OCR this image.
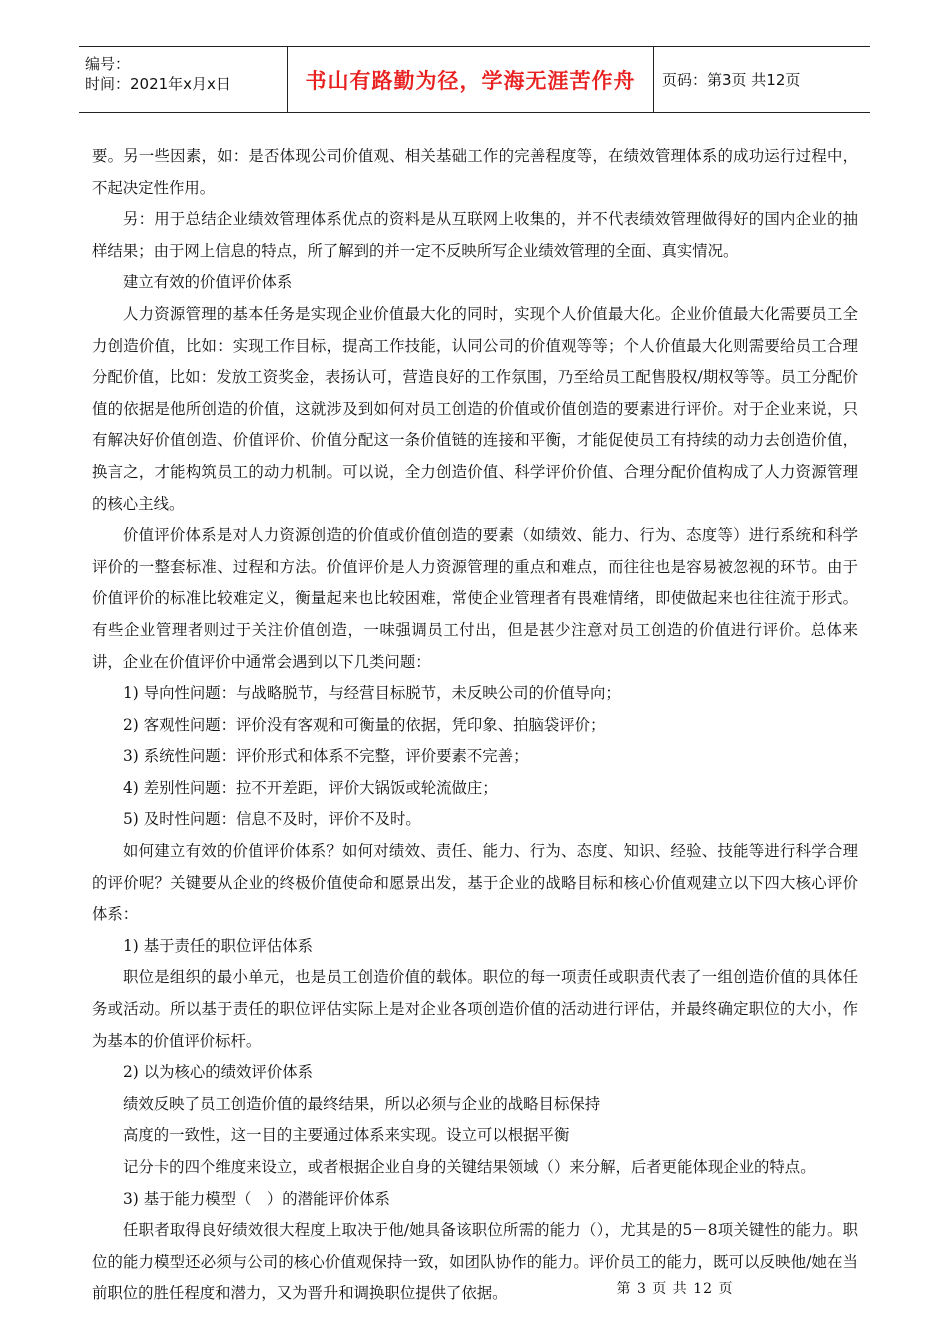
编号：
时间：2021年x月x日	书山有路勤为径，学海无涯苦作舟	页码：第3页 共12页

要。另一些因素，如：是否体现公司价值观、相关基础工作的完善程度等，在绩效管理体系的成功运行过程中，不起决定性作用。

另：用于总结企业绩效管理体系优点的资料是从互联网上收集的，并不代表绩效管理做得好的国内企业的抽样结果；由于网上信息的特点，所了解到的并一定不反映所写企业绩效管理的全面、真实情况。

建立有效的价值评价体系

人力资源管理的基本任务是实现企业价值最大化的同时，实现个人价值最大化。企业价值最大化需要员工全力创造价值，比如：实现工作目标，提高工作技能，认同公司的价值观等等；个人价值最大化则需要给员工合理分配价值，比如：发放工资奖金，表扬认可，营造良好的工作氛围，乃至给员工配售股权/期权等等。员工分配价值的依据是他所创造的价值，这就涉及到如何对员工创造的价值或价值创造的要素进行评价。对于企业来说，只有解决好价值创造、价值评价、价值分配这一条价值链的连接和平衡，才能促使员工有持续的动力去创造价值，换言之，才能构筑员工的动力机制。可以说，全力创造价值、科学评价价值、合理分配价值构成了人力资源管理的核心主线。

价值评价体系是对人力资源创造的价值或价值创造的要素（如绩效、能力、行为、态度等）进行系统和科学评价的一整套标准、过程和方法。价值评价是人力资源管理的重点和难点，而往往也是容易被忽视的环节。由于价值评价的标准比较难定义，衡量起来也比较困难，常使企业管理者有畏难情绪，即使做起来也往往流于形式。有些企业管理者则过于关注价值创造，一味强调员工付出，但是甚少注意对员工创造的价值进行评价。总体来讲，企业在价值评价中通常会遇到以下几类问题：

1) 导向性问题：与战略脱节，与经营目标脱节，未反映公司的价值导向；

2) 客观性问题：评价没有客观和可衡量的依据，凭印象、拍脑袋评价；

3) 系统性问题：评价形式和体系不完整，评价要素不完善；

4) 差别性问题：拉不开差距，评价大锅饭或轮流做庄；

5) 及时性问题：信息不及时，评价不及时。

如何建立有效的价值评价体系？如何对绩效、责任、能力、行为、态度、知识、经验、技能等进行科学合理的评价呢？关键要从企业的终极价值使命和愿景出发，基于企业的战略目标和核心价值观建立以下四大核心评价体系：

1) 基于责任的职位评估体系

职位是组织的最小单元，也是员工创造价值的载体。职位的每一项责任或职责代表了一组创造价值的具体任务或活动。所以基于责任的职位评估实际上是对企业各项创造价值的活动进行评估，并最终确定职位的大小，作为基本的价值评价标杆。

2) 以为核心的绩效评价体系

绩效反映了员工创造价值的最终结果，所以必须与企业的战略目标保持

高度的一致性，这一目的主要通过体系来实现。设立可以根据平衡

记分卡的四个维度来设立，或者根据企业自身的关键结果领域（）来分解，后者更能体现企业的特点。

3) 基于能力模型（　）的潜能评价体系

任职者取得良好绩效很大程度上取决于他/她具备该职位所需的能力（），尤其是的5－8项关键性的能力。职位的能力模型还必须与公司的核心价值观保持一致，如团队协作的能力。评价员工的能力，既可以反映他/她在当前职位的胜任程度和潜力，又为晋升和调换职位提供了依据。	第 3 页 共 12 页
